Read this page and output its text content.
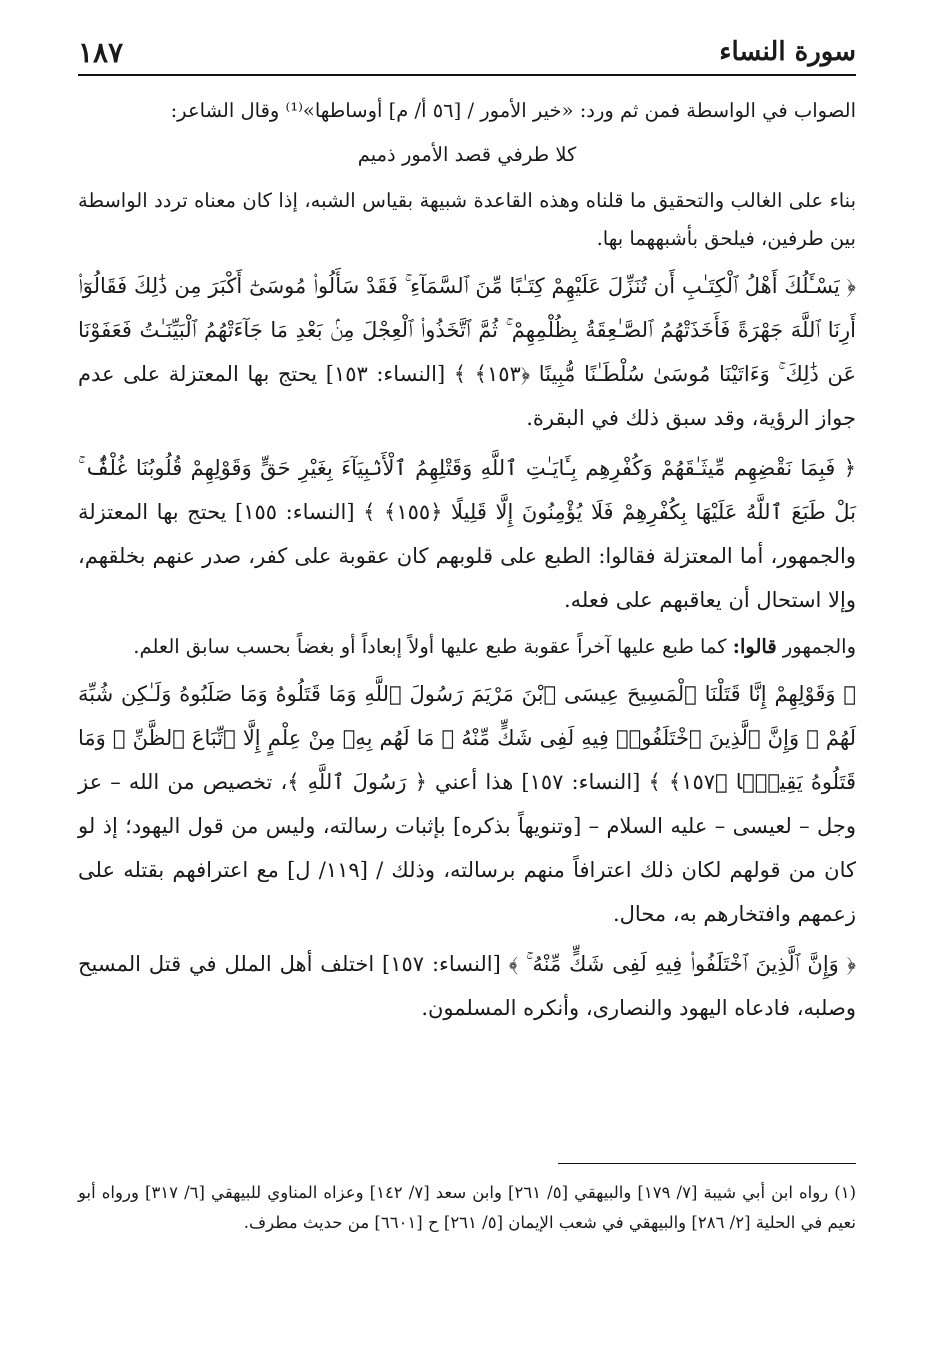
سورة النساء
١٨٧

الصواب في الواسطة فمن ثم ورد: «خير الأمور / [٥٦ أ/ م] أوساطها»⁽¹⁾ وقال الشاعر:

كلا طرفي قصد الأمور ذميم

بناء على الغالب والتحقيق ما قلناه وهذه القاعدة شبيهة بقياس الشبه، إذا كان معناه تردد الواسطة بين طرفين، فيلحق بأشبههما بها.

﴿ يَسْـَٔلُكَ أَهْلُ ٱلْكِتَـٰبِ أَن تُنَزِّلَ عَلَيْهِمْ كِتَـٰبًا مِّنَ ٱلسَّمَآءِ ۚ فَقَدْ سَأَلُوا۟ مُوسَىٰٓ أَكْبَرَ مِن ذَٰلِكَ فَقَالُوٓا۟ أَرِنَا ٱللَّهَ جَهْرَةً فَأَخَذَتْهُمُ ٱلصَّـٰعِقَةُ بِظُلْمِهِمْ ۚ ثُمَّ ٱتَّخَذُوا۟ ٱلْعِجْلَ مِنۢ بَعْدِ مَا جَآءَتْهُمُ ٱلْبَيِّنَـٰتُ فَعَفَوْنَا عَن ذَٰلِكَ ۚ وَءَاتَيْنَا مُوسَىٰ سُلْطَـٰنًا مُّبِينًا ﴿١٥٣﴾ ﴾ [النساء: ١٥٣] يحتج بها المعتزلة على عدم جواز الرؤية، وقد سبق ذلك في البقرة.

﴿ فَبِمَا نَقْضِهِم مِّيثَـٰقَهُمْ وَكُفْرِهِم بِـَٔايَـٰتِ ٱللَّهِ وَقَتْلِهِمُ ٱلْأَنۢبِيَآءَ بِغَيْرِ حَقٍّ وَقَوْلِهِمْ قُلُوبُنَا غُلْفٌۢ ۚ بَلْ طَبَعَ ٱللَّهُ عَلَيْهَا بِكُفْرِهِمْ فَلَا يُؤْمِنُونَ إِلَّا قَلِيلًا ﴿١٥٥﴾ ﴾ [النساء: ١٥٥] يحتج بها المعتزلة والجمهور، أما المعتزلة فقالوا: الطبع على قلوبهم كان عقوبة على كفر، صدر عنهم بخلقهم، وإلا استحال أن يعاقبهم على فعله.

والجمهور قالوا: كما طبع عليها آخراً عقوبة طبع عليها أولاً إبعاداً أو بغضاً بحسب سابق العلم.

﴿ وَقَوْلِهِمْ إِنَّا قَتَلْنَا ٱلْمَسِيحَ عِيسَى ٱبْنَ مَرْيَمَ رَسُولَ ٱللَّهِ وَمَا قَتَلُوهُ وَمَا صَلَبُوهُ وَلَـٰكِن شُبِّهَ لَهُمْ ۚ وَإِنَّ ٱلَّذِينَ ٱخْتَلَفُوا۟ فِيهِ لَفِى شَكٍّ مِّنْهُ ۚ مَا لَهُم بِهِۦ مِنْ عِلْمٍ إِلَّا ٱتِّبَاعَ ٱلظَّنِّ ۚ وَمَا قَتَلُوهُ يَقِينًۢا ﴿١٥٧﴾ ﴾ [النساء: ١٥٧] هذا أعني ﴿ رَسُولَ ٱللَّهِ ﴾، تخصيص من الله – عز وجل – لعيسى – عليه السلام – [وتنويهاً بذكره] بإثبات رسالته، وليس من قول اليهود؛ إذ لو كان من قولهم لكان ذلك اعترافاً منهم برسالته، وذلك / [١١٩/ ل] مع اعترافهم بقتله على زعمهم وافتخارهم به، محال.

﴿ وَإِنَّ ٱلَّذِينَ ٱخْتَلَفُوا۟ فِيهِ لَفِى شَكٍّ مِّنْهُ ۚ ﴾ [النساء: ١٥٧] اختلف أهل الملل في قتل المسيح وصلبه، فادعاه اليهود والنصارى، وأنكره المسلمون.

(١) رواه ابن أبي شيبة [٧/ ١٧٩] والبيهقي [٥/ ٢٦١] وابن سعد [٧/ ١٤٢] وعزاه المناوي للبيهقي [٦/ ٣١٧] ورواه أبو نعيم في الحلية [٢/ ٢٨٦] والبيهقي في شعب الإيمان [٥/ ٢٦١] ح [٦٦٠١] من حديث مطرف.
